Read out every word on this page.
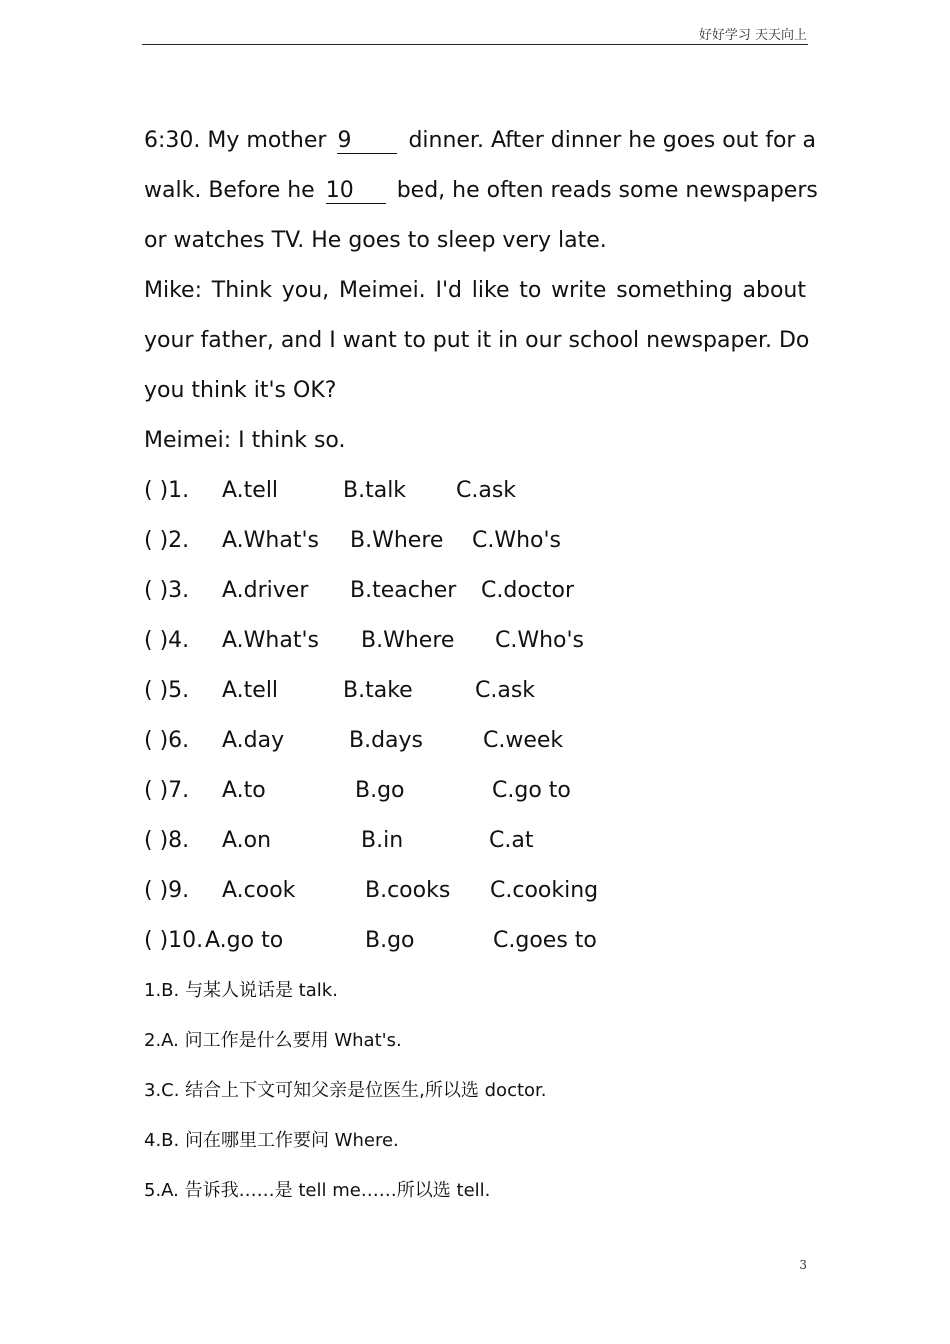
好好学习 天天向上
6:30. My mother 9	dinner. After dinner he goes out for a
walk. Before he 10 bed, he often reads some newspapers
or watches TV. He goes to sleep very late.
Mike: Think you, Meimei. I'd like to write something about
your father, and I want to put it in our school newspaper. Do
you think it's OK?
Meimei: I think so.
( )1. A.tell	B.talk C.ask
( )2. A.What's B.Where C.Who's
( )3. A.driver B.teacher C.doctor
( )4. A.What's B.Where C.Who's
( )5. A.tell	B.take	C.ask
( )6. A.day	B.days	C.week
( )7. A.to	B.go	C.go to
( )8. A.on	B.in	C.at
( )9. A.cook	B.cooks C.cooking
( )10. A.go to	B.go	C.goes to
1.B. 与某人说话是 talk.
2.A. 问工作是什么要用 What's.
3.C. 结合上下文可知父亲是位医生,所以选 doctor.
4.B. 问在哪里工作要问 Where.
5.A. 告诉我……是 tell me……所以选 tell.
3
